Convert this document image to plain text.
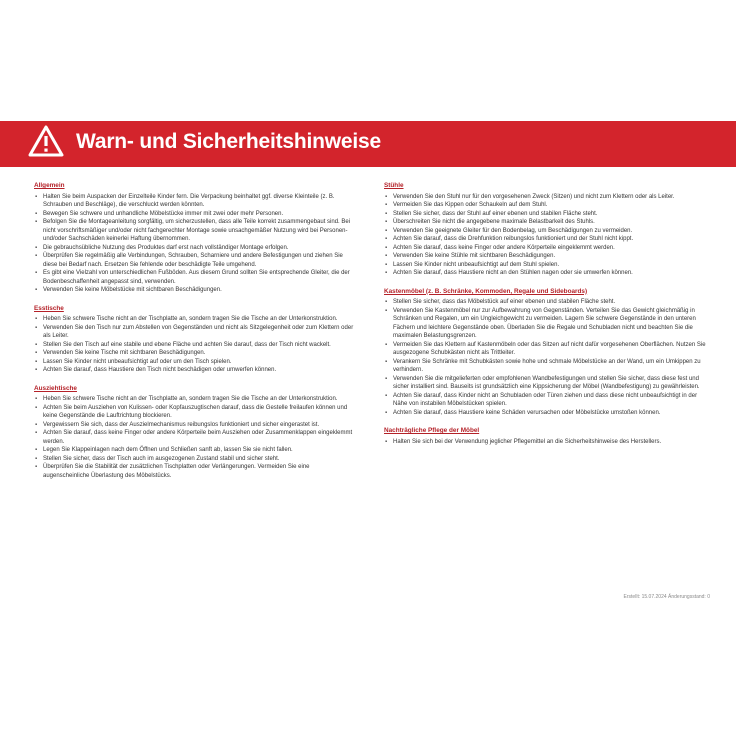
Warn- und Sicherheitshinweise
Allgemein
▪ Halten Sie beim Auspacken der Einzelteile Kinder fern. Die Verpackung beinhaltet ggf. diverse Kleinteile (z. B. Schrauben und Beschläge), die verschluckt werden könnten.
▪ Bewegen Sie schwere und unhandliche Möbelstücke immer mit zwei oder mehr Personen.
▪ Befolgen Sie die Montageanleitung sorgfältig, um sicherzustellen, dass alle Teile korrekt zusammengebaut sind. Bei nicht vorschriftsmäßiger und/oder nicht fachgerechter Montage sowie unsachgemäßer Nutzung wird bei Personen- und/oder Sachschäden keinerlei Haftung übernommen.
▪ Die gebrauchsübliche Nutzung des Produktes darf erst nach vollständiger Montage erfolgen.
▪ Überprüfen Sie regelmäßig alle Verbindungen, Schrauben, Scharniere und andere Befestigungen und ziehen Sie diese bei Bedarf nach. Ersetzen Sie fehlende oder beschädigte Teile umgehend.
▪ Es gibt eine Vielzahl von unterschiedlichen Fußböden. Aus diesem Grund sollten Sie entsprechende Gleiter, die der Bodenbeschaffenheit angepasst sind, verwenden.
▪ Verwenden Sie keine Möbelstücke mit sichtbaren Beschädigungen.
Esstische
▪ Heben Sie schwere Tische nicht an der Tischplatte an, sondern tragen Sie die Tische an der Unterkonstruktion.
▪ Verwenden Sie den Tisch nur zum Abstellen von Gegenständen und nicht als Sitzgelegenheit oder zum Klettern oder als Leiter.
▪ Stellen Sie den Tisch auf eine stabile und ebene Fläche und achten Sie darauf, dass der Tisch nicht wackelt.
▪ Verwenden Sie keine Tische mit sichtbaren Beschädigungen.
▪ Lassen Sie Kinder nicht unbeaufsichtigt auf oder um den Tisch spielen.
▪ Achten Sie darauf, dass Haustiere den Tisch nicht beschädigen oder umwerfen können.
Ausziehtische
▪ Heben Sie schwere Tische nicht an der Tischplatte an, sondern tragen Sie die Tische an der Unterkonstruktion.
▪ Achten Sie beim Ausziehen von Kulissen- oder Kopfauszugtischen darauf, dass die Gestelle freilaufen können und keine Gegenstände die Lauftrichtung blockieren.
▪ Vergewissern Sie sich, dass der Auszielmechanismus reibungslos funktioniert und sicher eingerastet ist.
▪ Achten Sie darauf, dass keine Finger oder andere Körperteile beim Ausziehen oder Zusammenklappen eingeklemmt werden.
▪ Legen Sie Klappeinlagen nach dem Öffnen und Schließen sanft ab, lassen Sie sie nicht fallen.
▪ Stellen Sie sicher, dass der Tisch auch im ausgezogenen Zustand stabil und sicher steht.
▪ Überprüfen Sie die Stabilität der zusätzlichen Tischplatten oder Verlängerungen. Vermeiden Sie eine augenscheinliche Überlastung des Möbelstücks.
Stühle
▪ Verwenden Sie den Stuhl nur für den vorgesehenen Zweck (Sitzen) und nicht zum Klettern oder als Leiter.
▪ Vermeiden Sie das Kippen oder Schaukeln auf dem Stuhl.
▪ Stellen Sie sicher, dass der Stuhl auf einer ebenen und stabilen Fläche steht.
▪ Überschreiten Sie nicht die angegebene maximale Belastbarkeit des Stuhls.
▪ Verwenden Sie geeignete Gleiter für den Bodenbelag, um Beschädigungen zu vermeiden.
▪ Achten Sie darauf, dass die Drehfunktion reibungslos funktioniert und der Stuhl nicht kippt.
▪ Achten Sie darauf, dass keine Finger oder andere Körperteile eingeklemmt werden.
▪ Verwenden Sie keine Stühle mit sichtbaren Beschädigungen.
▪ Lassen Sie Kinder nicht unbeaufsichtigt auf dem Stuhl spielen.
▪ Achten Sie darauf, dass Haustiere nicht an den Stühlen nagen oder sie umwerfen können.
Kastenmöbel (z. B. Schränke, Kommoden, Regale und Sideboards)
▪ Stellen Sie sicher, dass das Möbelstück auf einer ebenen und stabilen Fläche steht.
▪ Verwenden Sie Kastenmöbel nur zur Aufbewahrung von Gegenständen. Verteilen Sie das Gewicht gleichmäßig in Schränken und Regalen, um ein Ungleichgewicht zu vermeiden. Lagern Sie schwere Gegenstände in den unteren Fächern und leichtere Gegenstände oben. Überladen Sie die Regale und Schubladen nicht und beachten Sie die maximalen Belastungsgrenzen.
▪ Vermeiden Sie das Klettern auf Kastenmöbeln oder das Sitzen auf nicht dafür vorgesehenen Oberflächen. Nutzen Sie ausgezogene Schubkästen nicht als Trittleiter.
▪ Verankern Sie Schränke mit Schubkästen sowie hohe und schmale Möbelstücke an der Wand, um ein Umkippen zu verhindern.
▪ Verwenden Sie die mitgelieferten oder empfohlenen Wandbefestigungen und stellen Sie sicher, dass diese fest und sicher installiert sind. Bauseits ist grundsätzlich eine Kippsicherung der Möbel (Wandbefestigung) zu gewährleisten.
▪ Achten Sie darauf, dass Kinder nicht an Schubladen oder Türen ziehen und dass diese nicht unbeaufsichtigt in der Nähe von instabilen Möbelstücken spielen.
▪ Achten Sie darauf, dass Haustiere keine Schäden verursachen oder Möbelstücke umstoßen können.
Nachträgliche Pflege der Möbel
▪ Halten Sie sich bei der Verwendung jeglicher Pflegemittel an die Sicherheitshinweise des Herstellers.
Erstellt: 15.07.2024 Änderungsstand: 0
